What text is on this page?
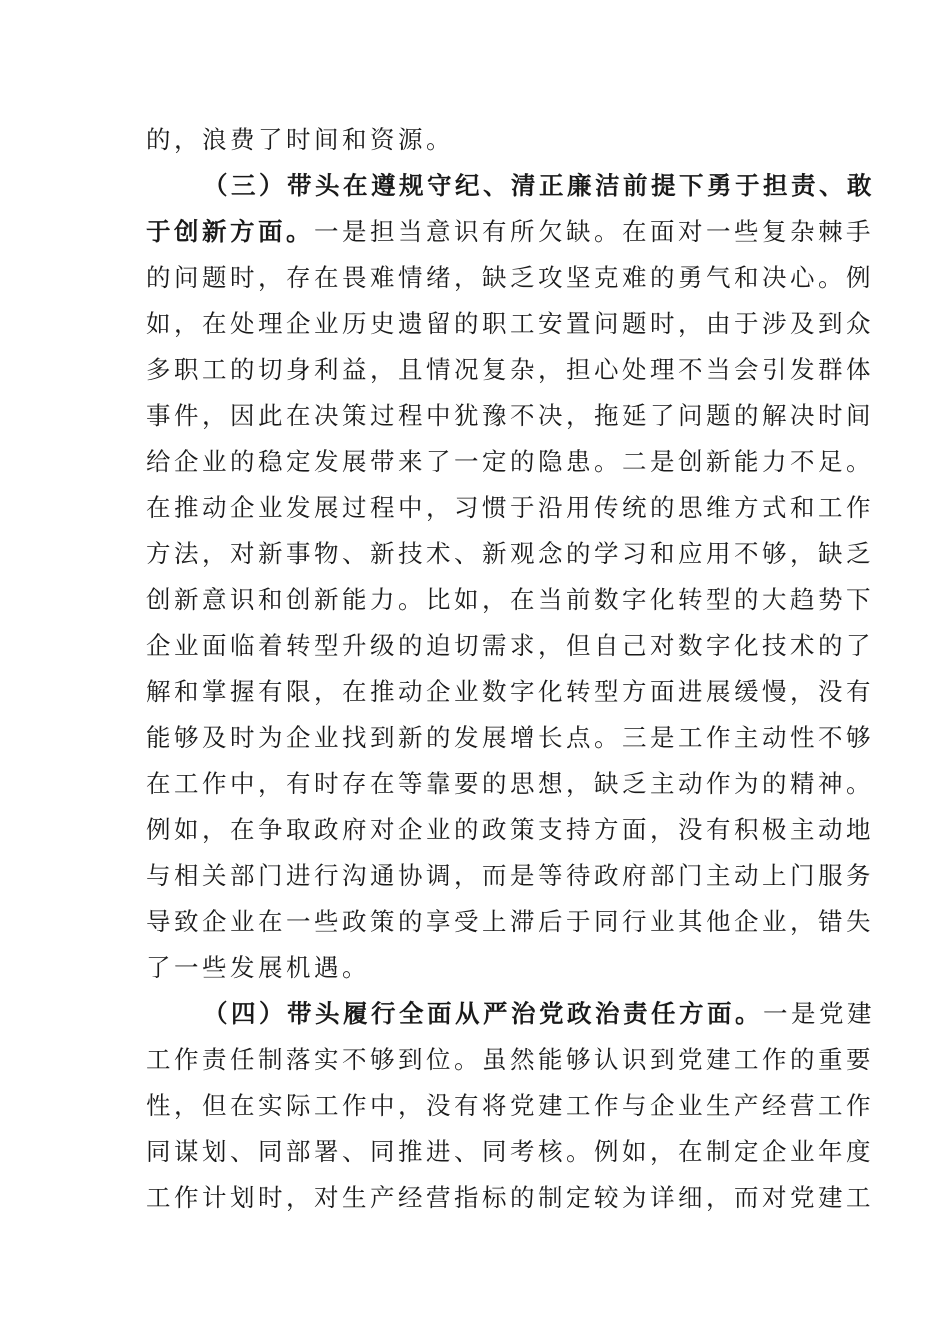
的，浪费了时间和资源。
（三）带头在遵规守纪、清正廉洁前提下勇于担责、敢
于创新方面。一是担当意识有所欠缺。在面对一些复杂棘手
的问题时，存在畏难情绪，缺乏攻坚克难的勇气和决心。例
如，在处理企业历史遗留的职工安置问题时，由于涉及到众
多职工的切身利益，且情况复杂，担心处理不当会引发群体
事件，因此在决策过程中犹豫不决，拖延了问题的解决时间
给企业的稳定发展带来了一定的隐患。二是创新能力不足。
在推动企业发展过程中，习惯于沿用传统的思维方式和工作
方法，对新事物、新技术、新观念的学习和应用不够，缺乏
创新意识和创新能力。比如，在当前数字化转型的大趋势下
企业面临着转型升级的迫切需求，但自己对数字化技术的了
解和掌握有限，在推动企业数字化转型方面进展缓慢，没有
能够及时为企业找到新的发展增长点。三是工作主动性不够
在工作中，有时存在等靠要的思想，缺乏主动作为的精神。
例如，在争取政府对企业的政策支持方面，没有积极主动地
与相关部门进行沟通协调，而是等待政府部门主动上门服务
导致企业在一些政策的享受上滞后于同行业其他企业，错失
了一些发展机遇。
（四）带头履行全面从严治党政治责任方面。一是党建
工作责任制落实不够到位。虽然能够认识到党建工作的重要
性，但在实际工作中，没有将党建工作与企业生产经营工作
同谋划、同部署、同推进、同考核。例如，在制定企业年度
工作计划时，对生产经营指标的制定较为详细，而对党建工
